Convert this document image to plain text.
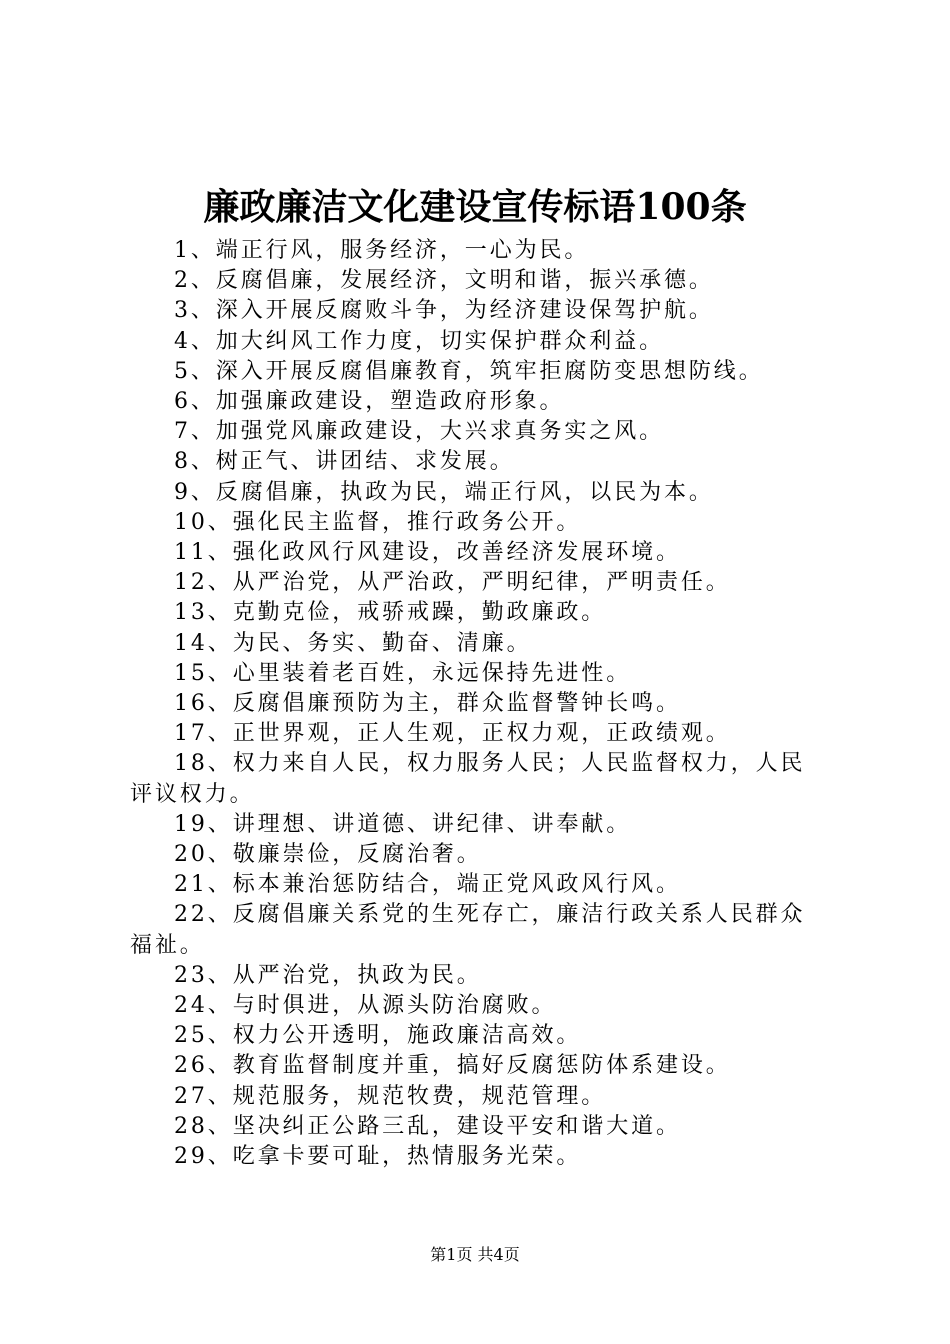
廉政廉洁文化建设宣传标语100条

1、端正行风，服务经济，一心为民。

2、反腐倡廉，发展经济，文明和谐，振兴承德。

3、深入开展反腐败斗争，为经济建设保驾护航。

4、加大纠风工作力度，切实保护群众利益。

5、深入开展反腐倡廉教育，筑牢拒腐防变思想防线。

6、加强廉政建设，塑造政府形象。

7、加强党风廉政建设，大兴求真务实之风。

8、树正气、讲团结、求发展。

9、反腐倡廉，执政为民，端正行风，以民为本。

10、强化民主监督，推行政务公开。

11、强化政风行风建设，改善经济发展环境。

12、从严治党，从严治政，严明纪律，严明责任。

13、克勤克俭，戒骄戒躁，勤政廉政。

14、为民、务实、勤奋、清廉。

15、心里装着老百姓，永远保持先进性。

16、反腐倡廉预防为主，群众监督警钟长鸣。

17、正世界观，正人生观，正权力观，正政绩观。

18、权力来自人民，权力服务人民；人民监督权力，人民评议权力。

19、讲理想、讲道德、讲纪律、讲奉献。

20、敬廉崇俭，反腐治奢。

21、标本兼治惩防结合，端正党风政风行风。

22、反腐倡廉关系党的生死存亡，廉洁行政关系人民群众福祉。

23、从严治党，执政为民。

24、与时俱进，从源头防治腐败。

25、权力公开透明，施政廉洁高效。

26、教育监督制度并重，搞好反腐惩防体系建设。

27、规范服务，规范牧费，规范管理。

28、坚决纠正公路三乱，建设平安和谐大道。

29、吃拿卡要可耻，热情服务光荣。

第1页 共4页
